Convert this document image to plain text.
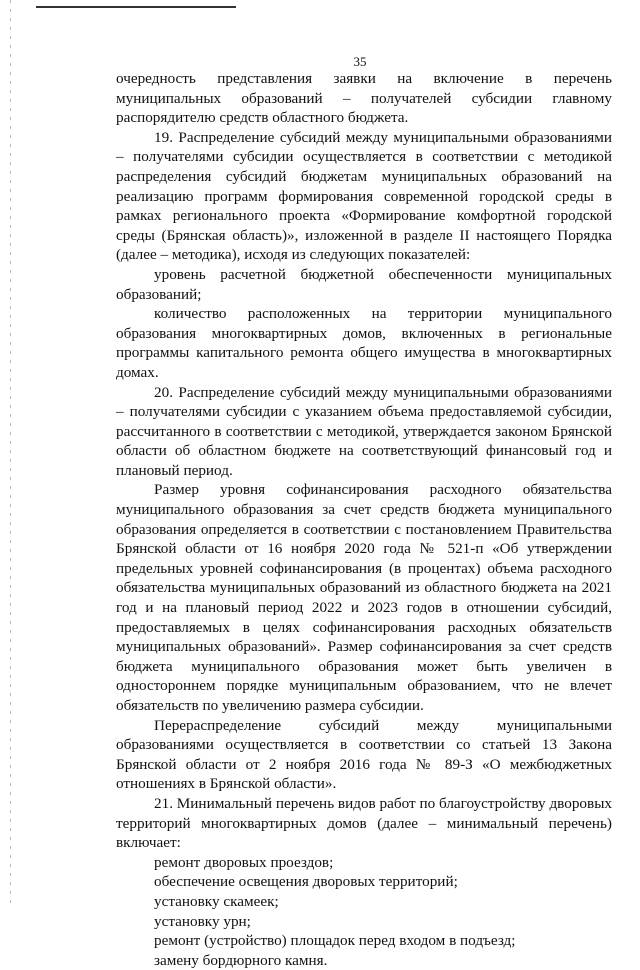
35

очередность представления заявки на включение в перечень муниципальных образований – получателей субсидии главному распорядителю средств областного бюджета.

19. Распределение субсидий между муниципальными образованиями – получателями субсидии осуществляется в соответствии с методикой распределения субсидий бюджетам муниципальных образований на реализацию программ формирования современной городской среды в рамках регионального проекта «Формирование комфортной городской среды (Брянская область)», изложенной в разделе II настоящего Порядка (далее – методика), исходя из следующих показателей:

уровень расчетной бюджетной обеспеченности муниципальных образований;

количество расположенных на территории муниципального образования многоквартирных домов, включенных в региональные программы капитального ремонта общего имущества в многоквартирных домах.

20. Распределение субсидий между муниципальными образованиями – получателями субсидии с указанием объема предоставляемой субсидии, рассчитанного в соответствии с методикой, утверждается законом Брянской области об областном бюджете на соответствующий финансовый год и плановый период.

Размер уровня софинансирования расходного обязательства муниципального образования за счет средств бюджета муниципального образования определяется в соответствии с постановлением Правительства Брянской области от 16 ноября 2020 года № 521-п «Об утверждении предельных уровней софинансирования (в процентах) объема расходного обязательства муниципальных образований из областного бюджета на 2021 год и на плановый период 2022 и 2023 годов в отношении субсидий, предоставляемых в целях софинансирования расходных обязательств муниципальных образований». Размер софинансирования за счет средств бюджета муниципального образования может быть увеличен в одностороннем порядке муниципальным образованием, что не влечет обязательств по увеличению размера субсидии.

Перераспределение субсидий между муниципальными образованиями осуществляется в соответствии со статьей 13 Закона Брянской области от 2 ноября 2016 года № 89-З «О межбюджетных отношениях в Брянской области».

21. Минимальный перечень видов работ по благоустройству дворовых территорий многоквартирных домов (далее – минимальный перечень) включает:

ремонт дворовых проездов;

обеспечение освещения дворовых территорий;

установку скамеек;

установку урн;

ремонт (устройство) площадок перед входом в подъезд;

замену бордюрного камня.
